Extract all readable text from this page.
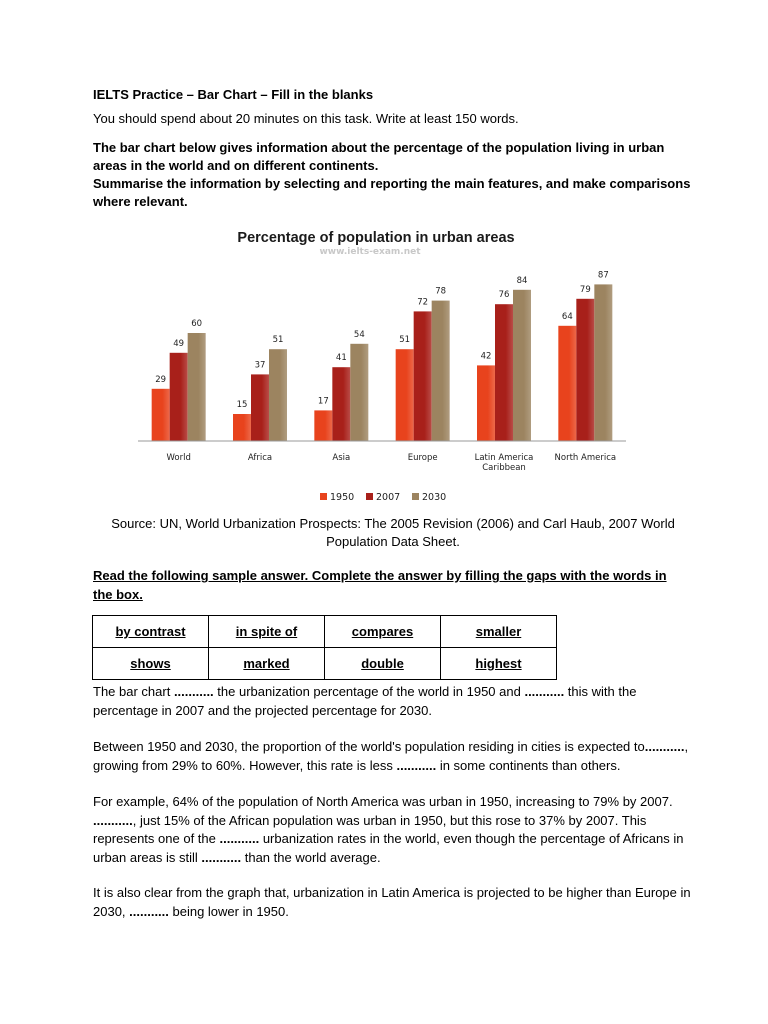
IELTS Practice – Bar Chart – Fill in the blanks

You should spend about 20 minutes on this task. Write at least 150 words.

The bar chart below gives information about the percentage of the population living in urban areas in the world and on different continents.
Summarise the information by selecting and reporting the main features, and make comparisons where relevant.
Percentage of population in urban areas
www.ielts-exam.net
29
49
60
World
15
37
51
Africa
17
41
54
Asia
51
72
78
Europe
42
76
84
Latin America
Caribbean
64
79
87
North America
1950 2007 2030
Source: UN, World Urbanization Prospects: The 2005 Revision (2006) and Carl Haub, 2007 World Population Data Sheet.
Read the following sample answer. Complete the answer by filling the gaps with the words in the box.
by contrast	in spite of	compares	smaller
shows	marked	double	highest

The bar chart ........... the urbanization percentage of the world in 1950 and ........... this with the percentage in 2007 and the projected percentage for 2030.

Between 1950 and 2030, the proportion of the world's population residing in cities is expected to..........., growing from 29% to 60%. However, this rate is less ........... in some continents than others.

For example, 64% of the population of North America was urban in 1950, increasing to 79% by 2007. ..........., just 15% of the African population was urban in 1950, but this rose to 37% by 2007. This represents one of the ........... urbanization rates in the world, even though the percentage of Africans in urban areas is still ........... than the world average.

It is also clear from the graph that, urbanization in Latin America is projected to be higher than Europe in 2030, ........... being lower in 1950.
